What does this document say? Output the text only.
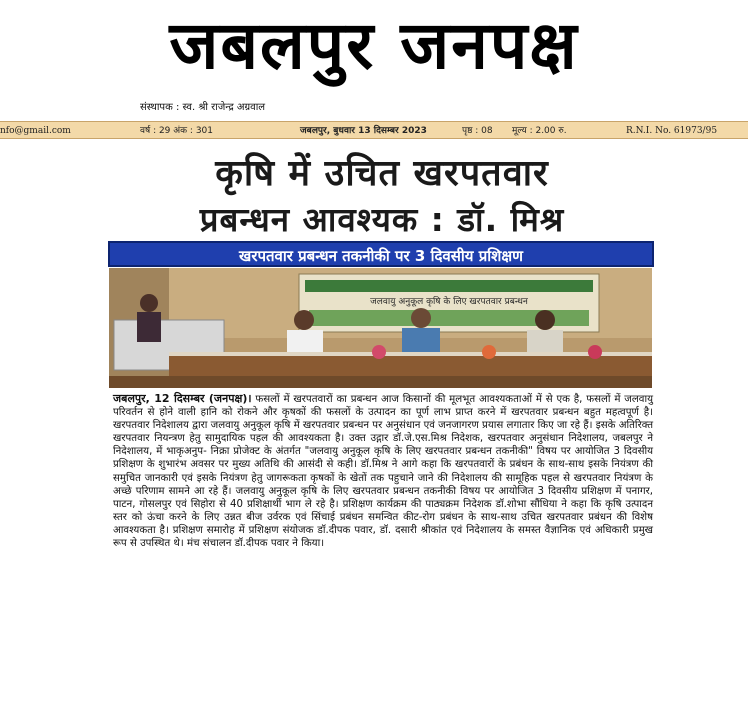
जबलपुर जनपक्ष
संस्थापक : स्व. श्री राजेन्द्र अग्रवाल
nfo@gmail.com	वर्ष : 29 अंक : 301	जबलपुर, बुधवार 13 दिसम्बर 2023	पृष्ठ : 08 मूल्य : 2.00 रु.	R.N.I. No. 61973/95
कृषि में उचित खरपतवार
प्रबन्धन आवश्यक : डॉ. मिश्र
खरपतवार प्रबन्धन तकनीकी पर 3 दिवसीय प्रशिक्षण
जलवायु अनुकूल कृषि के लिए खरपतवार प्रबन्धन

जबलपुर, 12 दिसम्बर (जनपक्ष)। फसलों में खरपतवारों का प्रबन्धन आज किसानों की मूलभूत आवश्यकताओं में से एक है, फसलों में जलवायु परिवर्तन से होने वाली हानि को रोकने और कृषकों की फसलों के उत्पादन का पूर्ण लाभ प्राप्त करने में खरपतवार प्रबन्धन बहुत महत्वपूर्ण है। खरपतवार निदेशालय द्वारा जलवायु अनुकूल कृषि में खरपतवार प्रबन्धन पर अनुसंधान एवं जनजागरण प्रयास लगातार किए जा रहे हैं। इसके अतिरिक्त खरपतवार नियन्त्रण हेतु सामुदायिक पहल की आवश्यकता है। उक्त उद्गार डॉ.जे.एस.मिश्र निदेशक, खरपतवार अनुसंधान निदेशालय, जबलपुर ने निदेशालय, में भाकृअनुप- निक्रा प्रोजेक्ट के अंतर्गत "जलवायु अनुकूल कृषि के लिए खरपतवार प्रबन्धन तकनीकी" विषय पर आयोजित 3 दिवसीय प्रशिक्षण के शुभारंभ अवसर पर मुख्य अतिथि की आसंदी से कही। डॉ.मिश्र ने आगे कहा कि खरपतवारों के प्रबंधन के साथ-साथ इसके नियंत्रण की समुचित जानकारी एवं इसके नियंत्रण हेतु जागरूकता कृषकों के खेतों तक पहुचाने जाने की निदेशालय की सामूहिक पहल से खरपतवार नियंत्रण के अच्छे परिणाम सामने आ रहे हैं। जलवायु अनुकूल कृषि के लिए खरपतवार प्रबन्धन तकनीकी विषय पर आयोजित 3 दिवसीय प्रशिक्षण में पनागर, पाटन, गोसलपुर एवं सिहोरा से 40 प्रशिक्षार्थी भाग ले रहे है। प्रशिक्षण कार्यक्रम की पाठ्यक्रम निदेशक डॉ.शोभा सौंधिया ने कहा कि कृषि उत्पादन स्तर को ऊंचा करने के लिए उन्नत बीज उर्वरक एवं सिंचाई प्रबंधन समन्वित कीट-रोग प्रबंधन के साथ-साथ उचित खरपतवार प्रबंधन की विशेष आवश्यकता है। प्रशिक्षण समारोह में प्रशिक्षण संयोजक डॉ.दीपक पवार, डॉ. दसारी श्रीकांत एवं निदेशालय के समस्त वैज्ञानिक एवं अधिकारी प्रमुख रूप से उपस्थित थे। मंच संचालन डॉ.दीपक पवार ने किया।
